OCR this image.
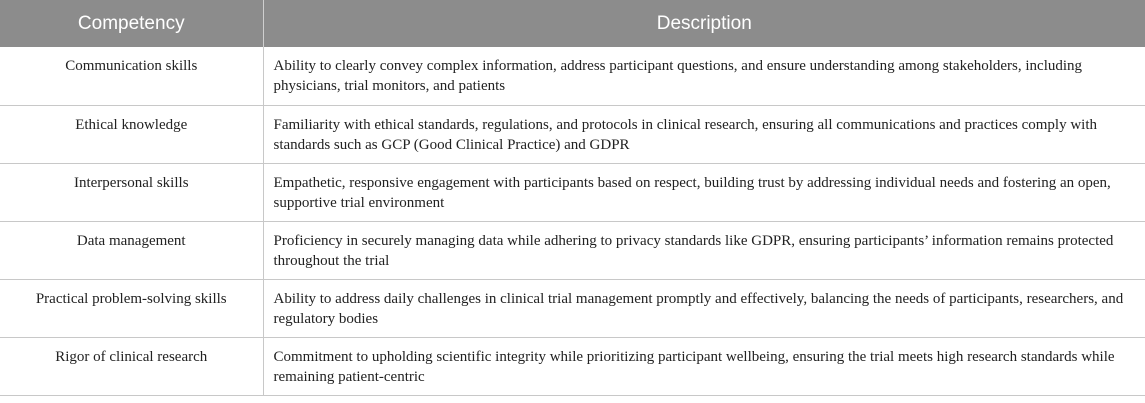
Competency	Description
Communication skills	Ability to clearly convey complex information, address participant questions, and ensure understanding among stakeholders, including physicians, trial monitors, and patients
Ethical knowledge	Familiarity with ethical standards, regulations, and protocols in clinical research, ensuring all communications and practices comply with standards such as GCP (Good Clinical Practice) and GDPR
Interpersonal skills	Empathetic, responsive engagement with participants based on respect, building trust by addressing individual needs and fostering an open, supportive trial environment
Data management	Proficiency in securely managing data while adhering to privacy standards like GDPR, ensuring participants’ information remains protected throughout the trial
Practical problem-solving skills	Ability to address daily challenges in clinical trial management promptly and effectively, balancing the needs of participants, researchers, and regulatory bodies
Rigor of clinical research	Commitment to upholding scientific integrity while prioritizing participant wellbeing, ensuring the trial meets high research standards while remaining patient-centric
